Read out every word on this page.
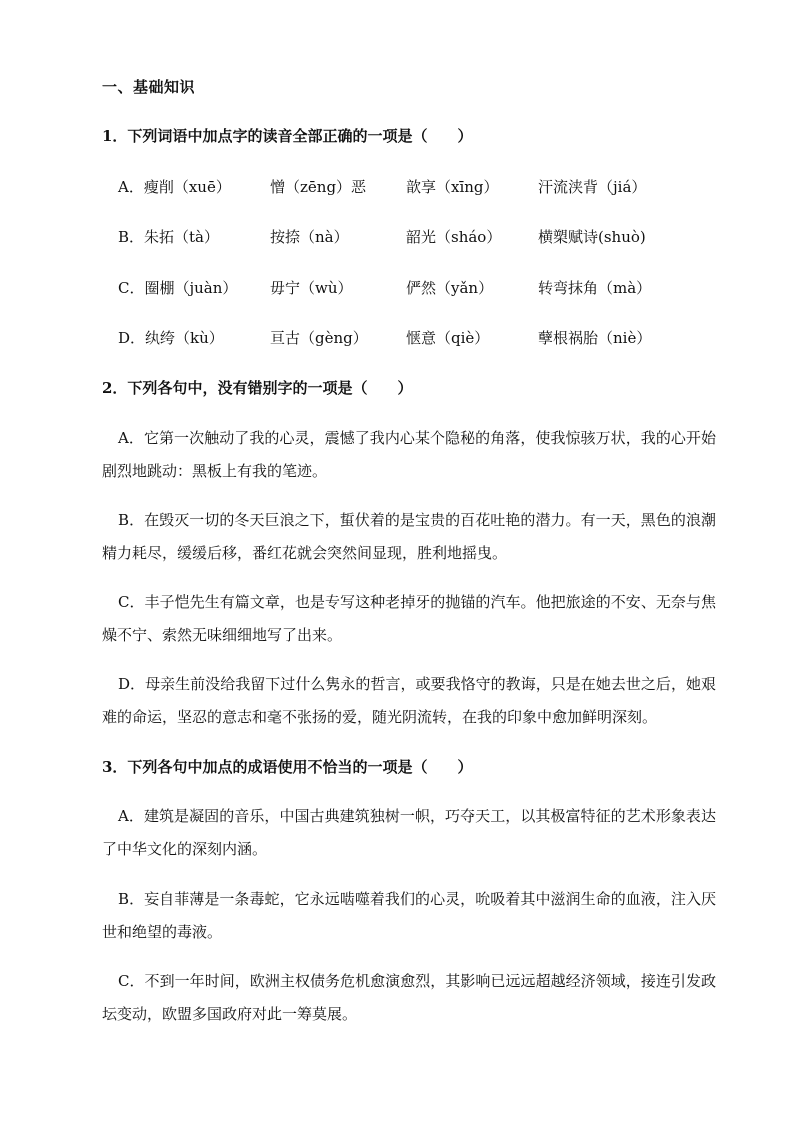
一、基础知识
1．下列词语中加点字的读音全部正确的一项是（　　）
A．瘦削（xuē）	憎（zēng）恶	歆享（xīng）	汗流浃背（jiá）
B．朱拓（tà）	按捺（nà）	韶光（sháo） 横槊赋诗(shuò)
C．圈棚（juàn） 毋宁（wù）	俨然（yǎn）	转弯抹角（mà）
D．纨绔（kù）	亘古（gèng）	惬意（qiè）	孽根祸胎（niè）
2．下列各句中，没有错别字的一项是（　　）
A．它第一次触动了我的心灵，震憾了我内心某个隐秘的角落，使我惊骇万状，我的心开始剧烈地跳动：黑板上有我的笔迹。
B．在毁灭一切的冬天巨浪之下，蜇伏着的是宝贵的百花吐艳的潜力。有一天，黑色的浪潮精力耗尽，缓缓后移，番红花就会突然间显现，胜利地摇曳。
C．丰子恺先生有篇文章，也是专写这种老掉牙的抛锚的汽车。他把旅途的不安、无奈与焦燥不宁、索然无味细细地写了出来。
D．母亲生前没给我留下过什么隽永的哲言，或要我恪守的教诲，只是在她去世之后，她艰难的命运，坚忍的意志和毫不张扬的爱，随光阴流转，在我的印象中愈加鲜明深刻。
3．下列各句中加点的成语使用不恰当的一项是（　　）
A．建筑是凝固的音乐，中国古典建筑独树一帜，巧夺天工，以其极富特征的艺术形象表达了中华文化的深刻内涵。
B．妄自菲薄是一条毒蛇，它永远啮噬着我们的心灵，吮吸着其中滋润生命的血液，注入厌世和绝望的毒液。
C．不到一年时间，欧洲主权债务危机愈演愈烈，其影响已远远超越经济领域，接连引发政坛变动，欧盟多国政府对此一筹莫展。
